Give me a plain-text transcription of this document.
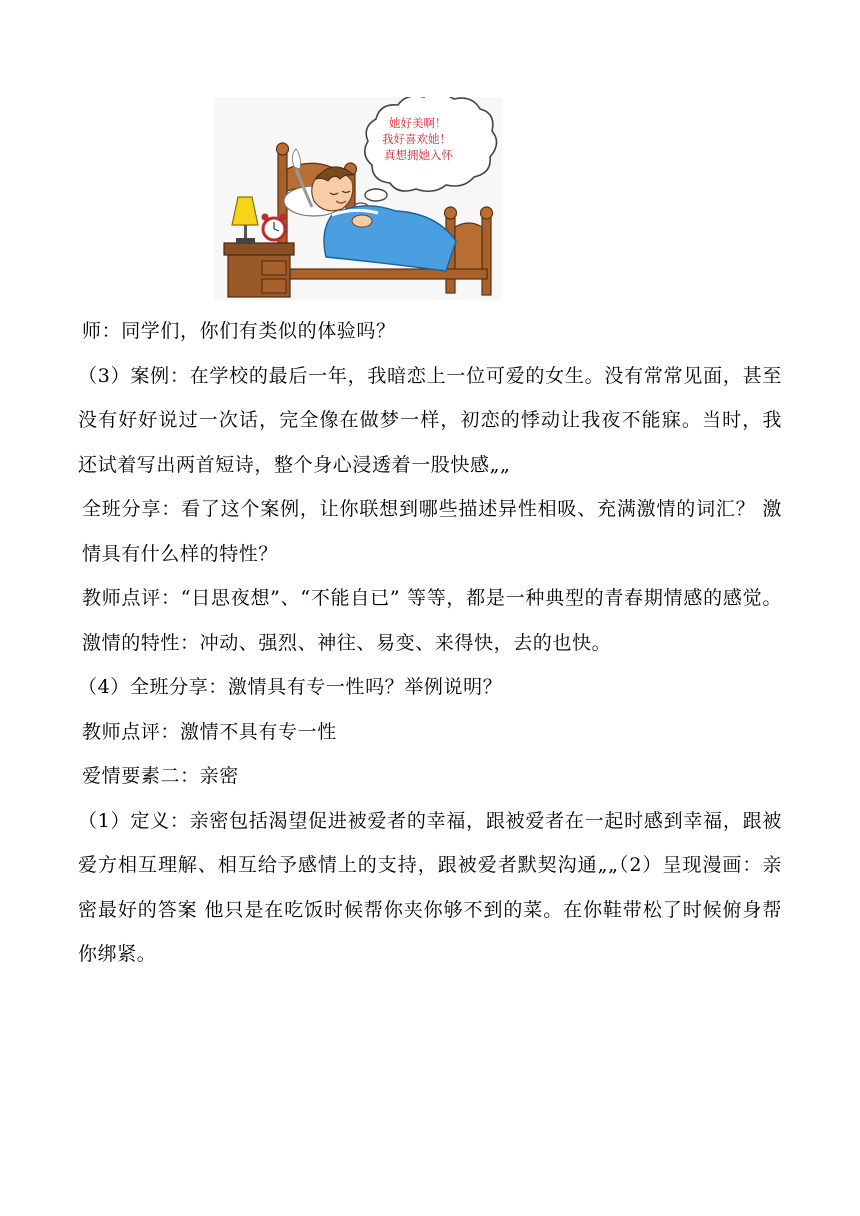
她好美啊！
我好喜欢她！
真想拥她入怀

师：同学们，你们有类似的体验吗？

（3）案例：在学校的最后一年，我暗恋上一位可爱的女生。没有常常见面，甚至没有好好说过一次话，完全像在做梦一样，初恋的悸动让我夜不能寐。当时，我还试着写出两首短诗，整个身心浸透着一股快感„„

全班分享：看了这个案例，让你联想到哪些描述异性相吸、充满激情的词汇？ 激情具有什么样的特性？

教师点评：“日思夜想”、“不能自已” 等等，都是一种典型的青春期情感的感觉。 激情的特性：冲动、强烈、神往、易变、来得快，去的也快。

（4）全班分享：激情具有专一性吗？举例说明？

教师点评：激情不具有专一性

爱情要素二：亲密

（1）定义：亲密包括渴望促进被爱者的幸福，跟被爱者在一起时感到幸福，跟被爱方相互理解、相互给予感情上的支持，跟被爱者默契沟通„„（2）呈现漫画：亲密最好的答案 他只是在吃饭时候帮你夹你够不到的菜。在你鞋带松了时候俯身帮你绑紧。
